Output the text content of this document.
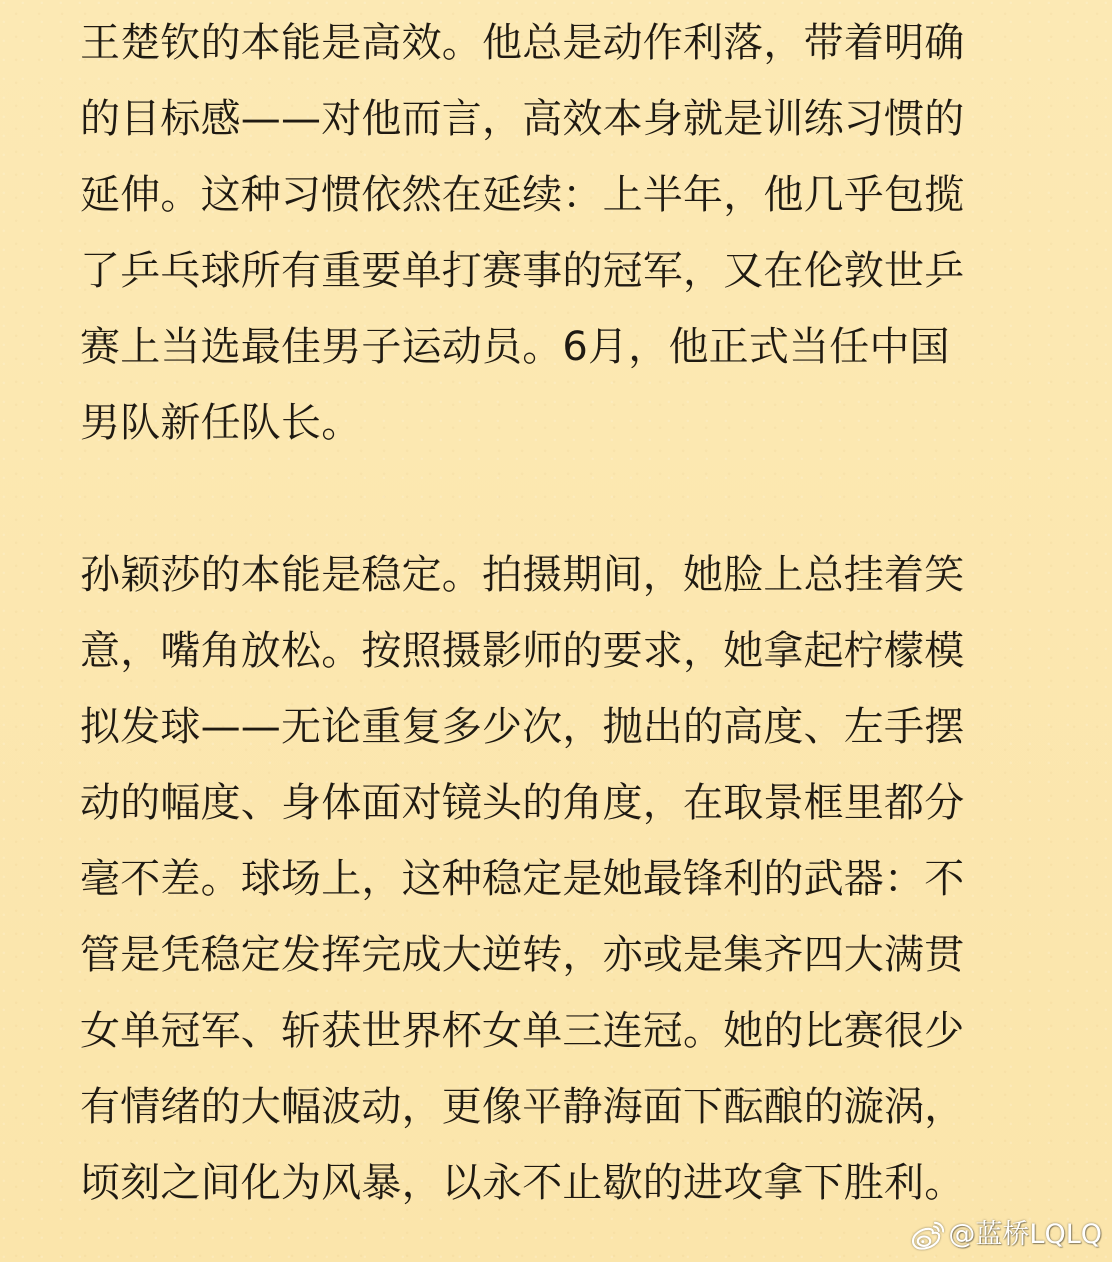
王楚钦的本能是高效。他总是动作利落，带着明确
的目标感——对他而言，高效本身就是训练习惯的
延伸。这种习惯依然在延续：上半年，他几乎包揽
了乒乓球所有重要单打赛事的冠军，又在伦敦世乒
赛上当选最佳男子运动员。6月，他正式当任中国
男队新任队长。
孙颖莎的本能是稳定。拍摄期间，她脸上总挂着笑
意，嘴角放松。按照摄影师的要求，她拿起柠檬模
拟发球——无论重复多少次，抛出的高度、左手摆
动的幅度、身体面对镜头的角度，在取景框里都分
毫不差。球场上，这种稳定是她最锋利的武器：不
管是凭稳定发挥完成大逆转，亦或是集齐四大满贯
女单冠军、斩获世界杯女单三连冠。她的比赛很少
有情绪的大幅波动，更像平静海面下酝酿的漩涡，
顷刻之间化为风暴，以永不止歇的进攻拿下胜利。
@蓝桥LQLQ
